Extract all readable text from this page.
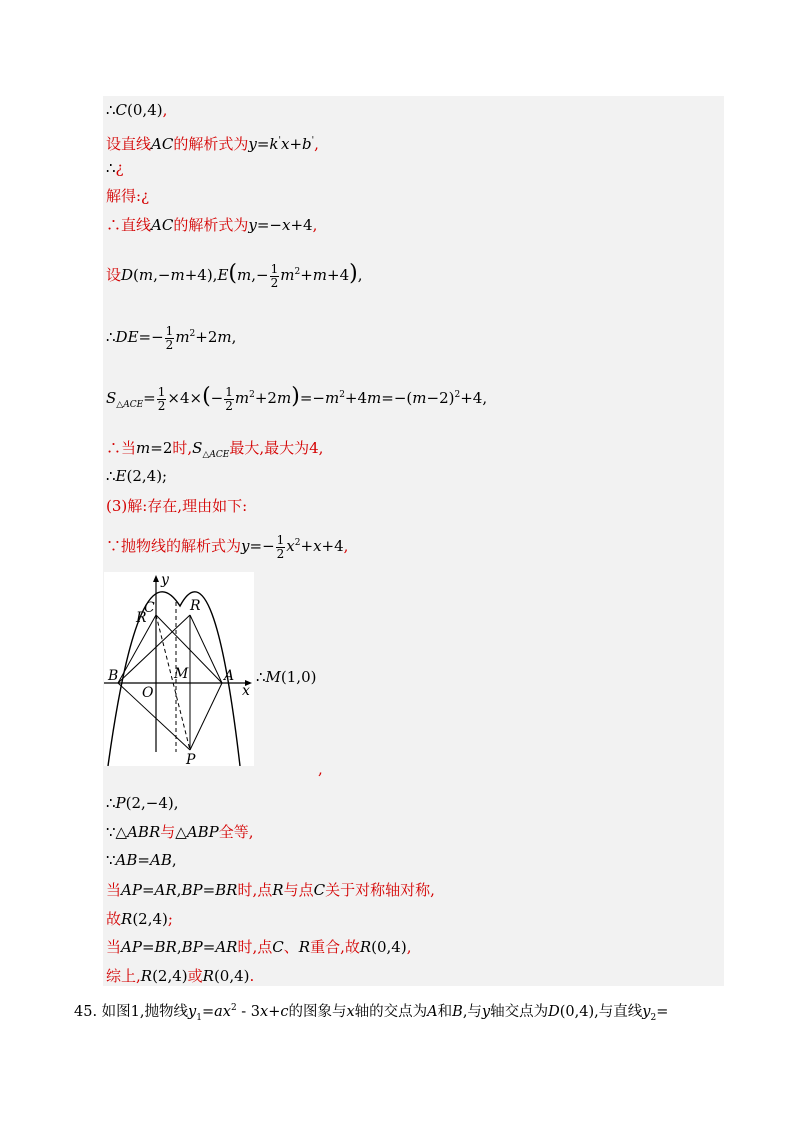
∴C(0,4),
设直线AC的解析式为y=k'x+b',
∴¿
解得:¿
∴直线AC的解析式为y=−x+4,
设$D(m,-m+4),E(m,- \frac{1}{2} m^2+m+4)$,
∴DE=− $\frac{1}{2} m^2+2m$,
$S_{\triangle ACE}= \frac{1}{2} \times 4\times(- \frac{1}{2} m^2+2m)=-m^2+4m=-(m-2)^2+4$,
∴当m=2时$,S_{\triangle ACE}$最大,最大为4,
∴E(2,4);
(3)解:存在,理由如下:
∵抛物线的解析式为$y=- \frac{1}{2} x^2+x+4$,
y
x
C
R
R
B
O
M	A
P
∴M(1,0)
,
∴P(2,−4),
∵△ABR与△ABP全等,
∵AB=AB,
当AP=AR,BP=BR时,点R与点C关于对称轴对称,
故R(2,4);
当AP=BR,BP=AR时,点C、R重合,故R(0,4),
综上,R(2,4)或R(0,4).
45. 如图1,抛物线$y_1=ax^2 - 3x+c$的图象与x轴的交点为A和B,与y轴交点为D(0,4),与直线$y_2=$
